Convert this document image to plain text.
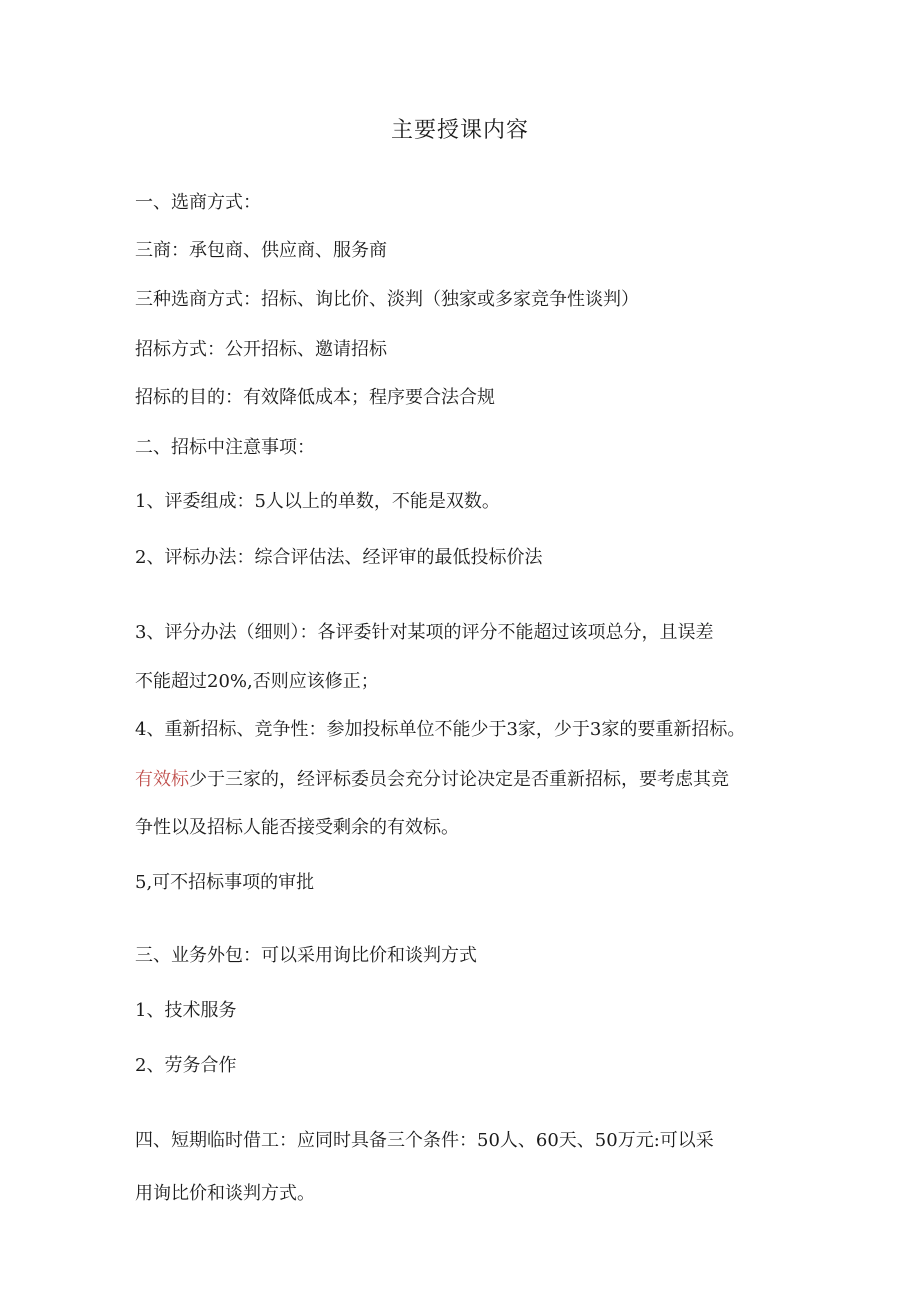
主要授课内容
一、选商方式：
三商：承包商、供应商、服务商
三种选商方式：招标、询比价、淡判（独家或多家竞争性谈判）
招标方式：公开招标、邀请招标
招标的目的：有效降低成本；程序要合法合规
二、招标中注意事项：
1、评委组成：5人以上的单数，不能是双数。
2、评标办法：综合评估法、经评审的最低投标价法
3、评分办法（细则）：各评委针对某项的评分不能超过该项总分，且误差
不能超过20%,否则应该修正；
4、重新招标、竞争性：参加投标单位不能少于3家，少于3家的要重新招标。
有效标少于三家的，经评标委员会充分讨论决定是否重新招标，要考虑其竞
争性以及招标人能否接受剩余的有效标。
5,可不招标事项的审批
三、业务外包：可以采用询比价和谈判方式
1、技术服务
2、劳务合作
四、短期临时借工：应同时具备三个条件：50人、60天、50万元:可以采
用询比价和谈判方式。
